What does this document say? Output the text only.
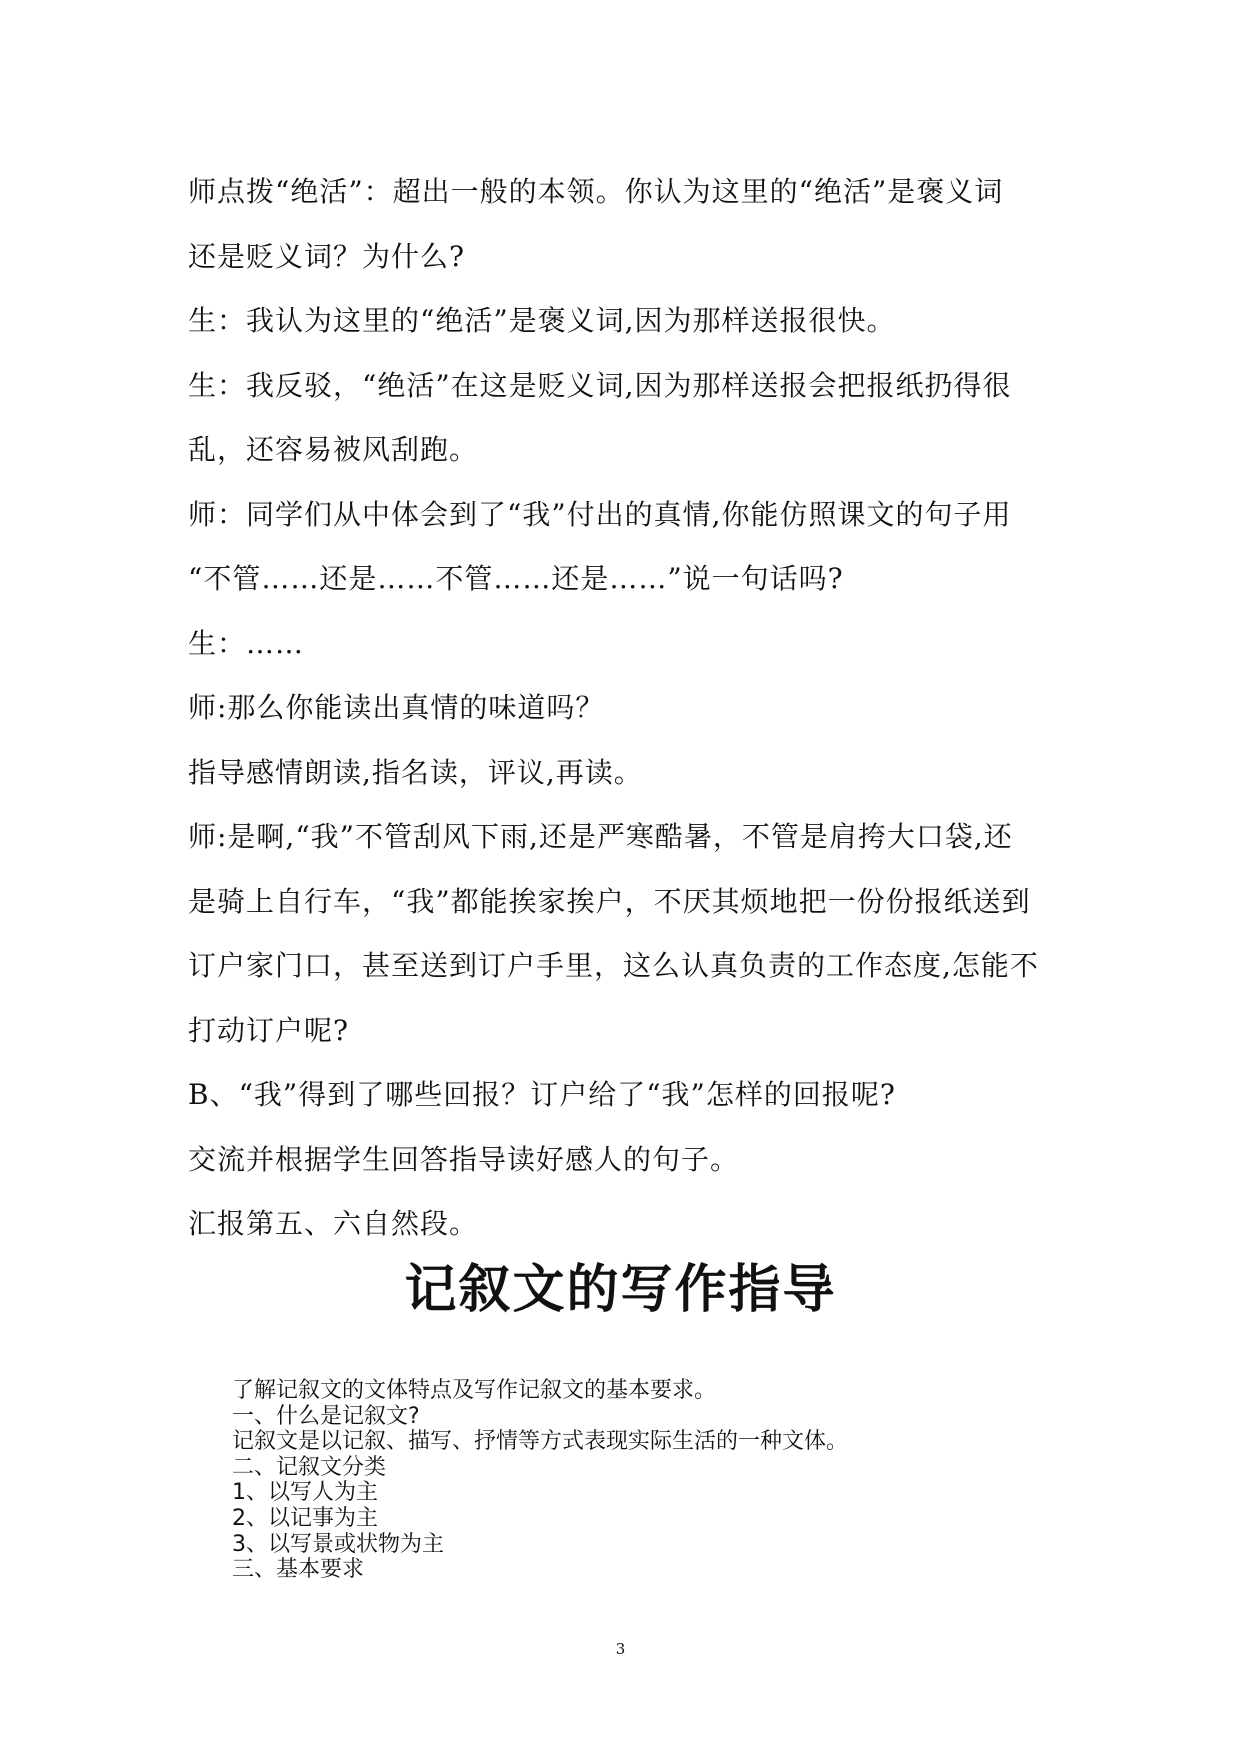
师点拨“绝活”：超出一般的本领。你认为这里的“绝活”是褒义词
还是贬义词？为什么?
生：我认为这里的“绝活”是褒义词,因为那样送报很快。
生：我反驳，“绝活”在这是贬义词,因为那样送报会把报纸扔得很
乱，还容易被风刮跑。
师：同学们从中体会到了“我”付出的真情,你能仿照课文的句子用
“不管……还是……不管……还是……”说一句话吗?
生：……
师:那么你能读出真情的味道吗？
指导感情朗读,指名读，评议,再读。
师:是啊,“我”不管刮风下雨,还是严寒酷暑，不管是肩挎大口袋,还
是骑上自行车，“我”都能挨家挨户，不厌其烦地把一份份报纸送到
订户家门口，甚至送到订户手里，这么认真负责的工作态度,怎能不
打动订户呢?
B、“我”得到了哪些回报？订户给了“我”怎样的回报呢?
交流并根据学生回答指导读好感人的句子。
汇报第五、六自然段。
记叙文的写作指导
了解记叙文的文体特点及写作记叙文的基本要求。
一、什么是记叙文?
记叙文是以记叙、描写、抒情等方式表现实际生活的一种文体。
二、记叙文分类
1、以写人为主
2、以记事为主
3、以写景或状物为主
三、基本要求
3
